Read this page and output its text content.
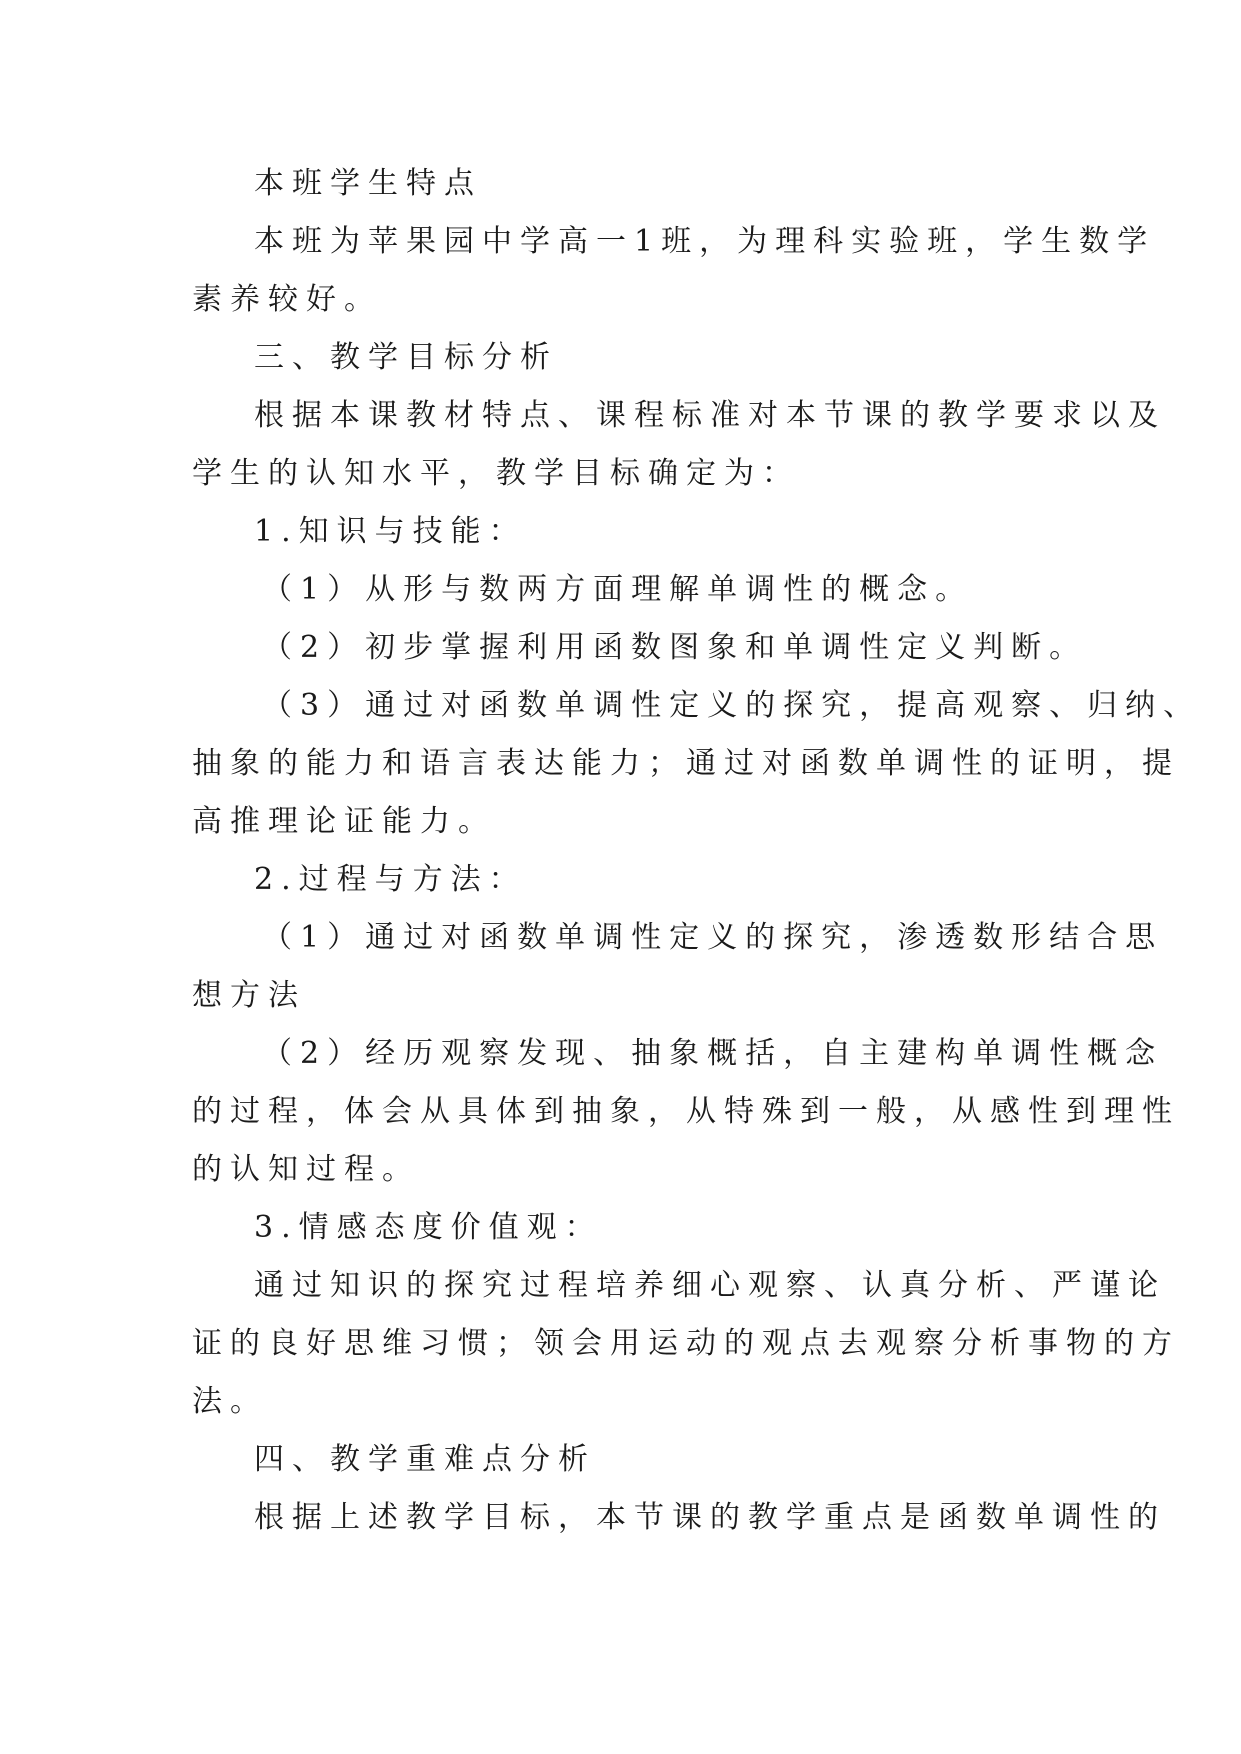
本班学生特点
本班为苹果园中学高一1班，为理科实验班，学生数学
素养较好。
三、教学目标分析
根据本课教材特点、课程标准对本节课的教学要求以及
学生的认知水平，教学目标确定为：
1.知识与技能：
（1）从形与数两方面理解单调性的概念。
（2）初步掌握利用函数图象和单调性定义判断。
（3）通过对函数单调性定义的探究，提高观察、归纳、
抽象的能力和语言表达能力；通过对函数单调性的证明，提
高推理论证能力。
2.过程与方法：
（1）通过对函数单调性定义的探究，渗透数形结合思
想方法
（2）经历观察发现、抽象概括，自主建构单调性概念
的过程，体会从具体到抽象，从特殊到一般，从感性到理性
的认知过程。
3.情感态度价值观：
通过知识的探究过程培养细心观察、认真分析、严谨论
证的良好思维习惯；领会用运动的观点去观察分析事物的方
法。
四、教学重难点分析
根据上述教学目标，本节课的教学重点是函数单调性的
